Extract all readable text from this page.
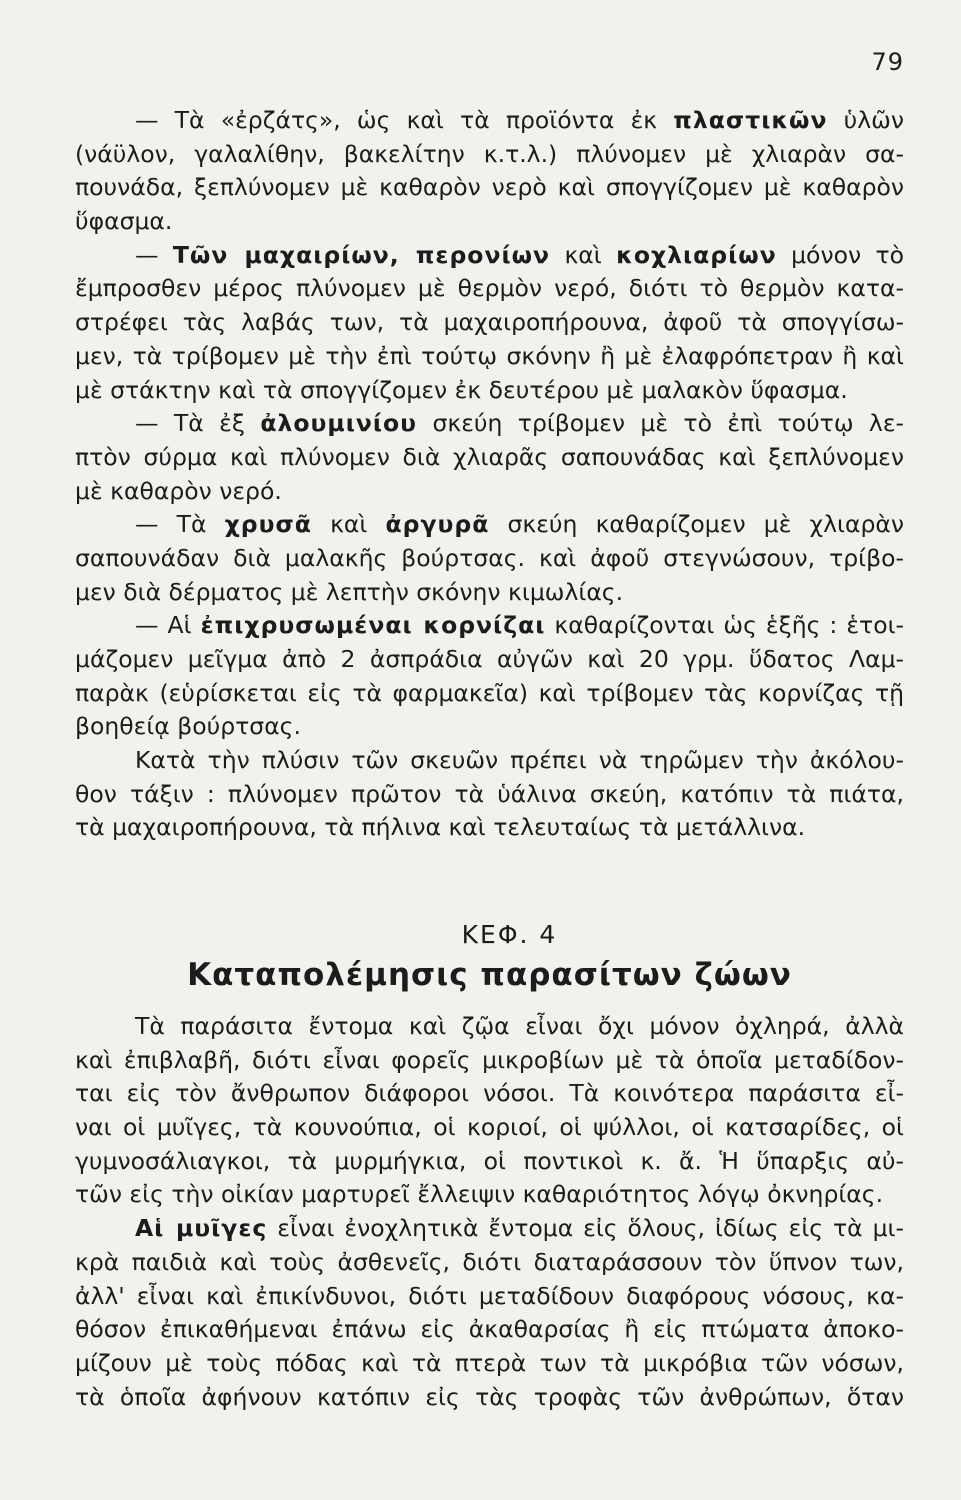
79
— Τὰ «ἐρζάτς», ὡς καὶ τὰ προϊόντα ἐκ πλαστικῶν ὑλῶν
(νάϋλον, γαλαλίθην, βακελίτην κ.τ.λ.) πλύνομεν μὲ χλιαρὰν σα-
πουνάδα, ξεπλύνομεν μὲ καθαρὸν νερὸ καὶ σπογγίζομεν μὲ καθαρὸν
ὕφασμα.
— Τῶν μαχαιρίων, περονίων καὶ κοχλιαρίων μόνον τὸ
ἔμπροσθεν μέρος πλύνομεν μὲ θερμὸν νερό, διότι τὸ θερμὸν κατα-
στρέφει τὰς λαβάς των, τὰ μαχαιροπήρουνα, ἀφοῦ τὰ σπογγίσω-
μεν, τὰ τρίβομεν μὲ τὴν ἐπὶ τούτῳ σκόνην ἢ μὲ ἐλαφρόπετραν ἢ καὶ
μὲ στάκτην καὶ τὰ σπογγίζομεν ἐκ δευτέρου μὲ μαλακὸν ὕφασμα.
— Τὰ ἐξ ἀλουμινίου σκεύη τρίβομεν μὲ τὸ ἐπὶ τούτῳ λε-
πτὸν σύρμα καὶ πλύνομεν διὰ χλιαρᾶς σαπουνάδας καὶ ξεπλύνομεν
μὲ καθαρὸν νερό.
— Τὰ χρυσᾶ καὶ ἀργυρᾶ σκεύη καθαρίζομεν μὲ χλιαρὰν
σαπουνάδαν διὰ μαλακῆς βούρτσας. καὶ ἀφοῦ στεγνώσουν, τρίβο-
μεν διὰ δέρματος μὲ λεπτὴν σκόνην κιμωλίας.
— Αἱ ἐπιχρυσωμέναι κορνίζαι καθαρίζονται ὡς ἑξῆς : ἑτοι-
μάζομεν μεῖγμα ἀπὸ 2 ἀσπράδια αὐγῶν καὶ 20 γρμ. ὕδατος Λαμ-
παρὰκ (εὑρίσκεται εἰς τὰ φαρμακεῖα) καὶ τρίβομεν τὰς κορνίζας τῇ
βοηθείᾳ βούρτσας.
Κατὰ τὴν πλύσιν τῶν σκευῶν πρέπει νὰ τηρῶμεν τὴν ἀκόλου-
θον τάξιν : πλύνομεν πρῶτον τὰ ὑάλινα σκεύη, κατόπιν τὰ πιάτα,
τὰ μαχαιροπήρουνα, τὰ πήλινα καὶ τελευταίως τὰ μετάλλινα.
ΚΕΦ. 4
Καταπολέμησις παρασίτων ζώων
Τὰ παράσιτα ἔντομα καὶ ζῷα εἶναι ὄχι μόνον ὀχληρά, ἀλλὰ
καὶ ἐπιβλαβῆ, διότι εἶναι φορεῖς μικροβίων μὲ τὰ ὁποῖα μεταδίδον-
ται εἰς τὸν ἄνθρωπον διάφοροι νόσοι. Τὰ κοινότερα παράσιτα εἶ-
ναι οἱ μυῖγες, τὰ κουνούπια, οἱ κοριοί, οἱ ψύλλοι, οἱ κατσαρίδες, οἱ
γυμνοσάλιαγκοι, τὰ μυρμήγκια, οἱ ποντικοὶ κ. ἄ. Ἡ ὕπαρξις αὐ-
τῶν εἰς τὴν οἰκίαν μαρτυρεῖ ἔλλειψιν καθαριότητος λόγῳ ὀκνηρίας.
Αἱ μυῖγες εἶναι ἐνοχλητικὰ ἔντομα εἰς ὅλους, ἰδίως εἰς τὰ μι-
κρὰ παιδιὰ καὶ τοὺς ἀσθενεῖς, διότι διαταράσσουν τὸν ὕπνον των,
ἀλλ' εἶναι καὶ ἐπικίνδυνοι, διότι μεταδίδουν διαφόρους νόσους, κα-
θόσον ἐπικαθήμεναι ἐπάνω εἰς ἀκαθαρσίας ἢ εἰς πτώματα ἀποκο-
μίζουν μὲ τοὺς πόδας καὶ τὰ πτερὰ των τὰ μικρόβια τῶν νόσων,
τὰ ὁποῖα ἀφήνουν κατόπιν εἰς τὰς τροφὰς τῶν ἀνθρώπων, ὅταν
